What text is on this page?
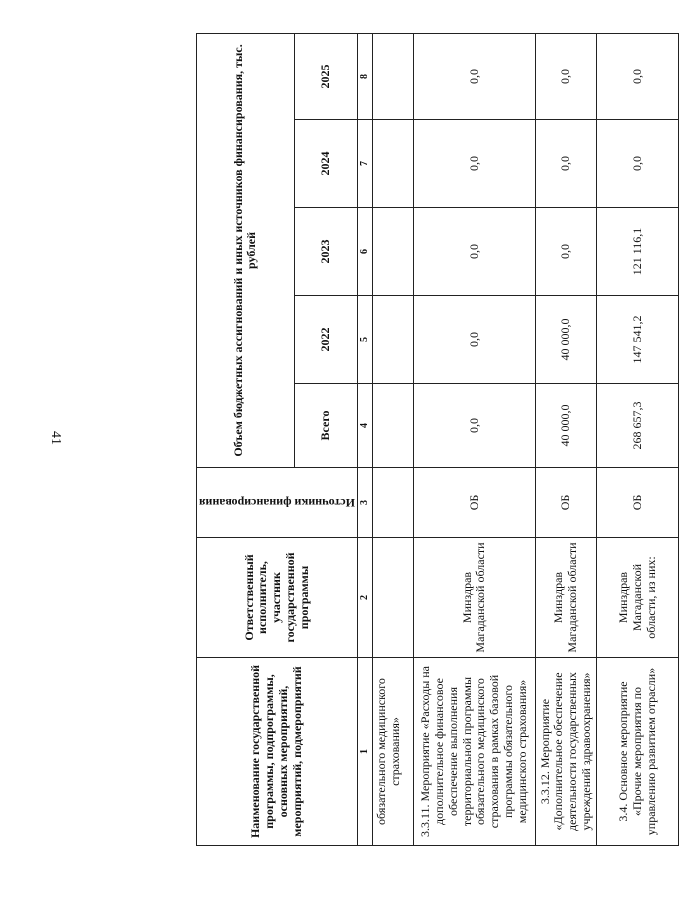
41
Наименование государственной программы, подпрограммы, основных мероприятий, мероприятий, подмероприятий	Ответственный исполнитель, участник государственной программы	Источники финансирования	Объем бюджетных ассигнований и иных источников финансирования, тыс. рублей				
			Всего	2022	2023	2024	2025
1	2	3	4	5	6	7	8
обязательного медицинского страхования»							
3.3.11. Мероприятие «Расходы на дополнительное финансовое обеспечение выполнения территориальной программы обязательного медицинского страхования в рамках базовой программы обязательного медицинского страхования»	Минздрав Магаданской области	ОБ	0,0	0,0	0,0	0,0	0,0
3.3.12. Мероприятие «Дополнительное обеспечение деятельности государственных учреждений здравоохранения»	Минздрав Магаданской области	ОБ	40 000,0	40 000,0	0,0	0,0	0,0
3.4. Основное мероприятие «Прочие мероприятия по управлению развитием отрасли»	Минздрав Магаданской области, из них:	ОБ	268 657,3	147 541,2	121 116,1	0,0	0,0
